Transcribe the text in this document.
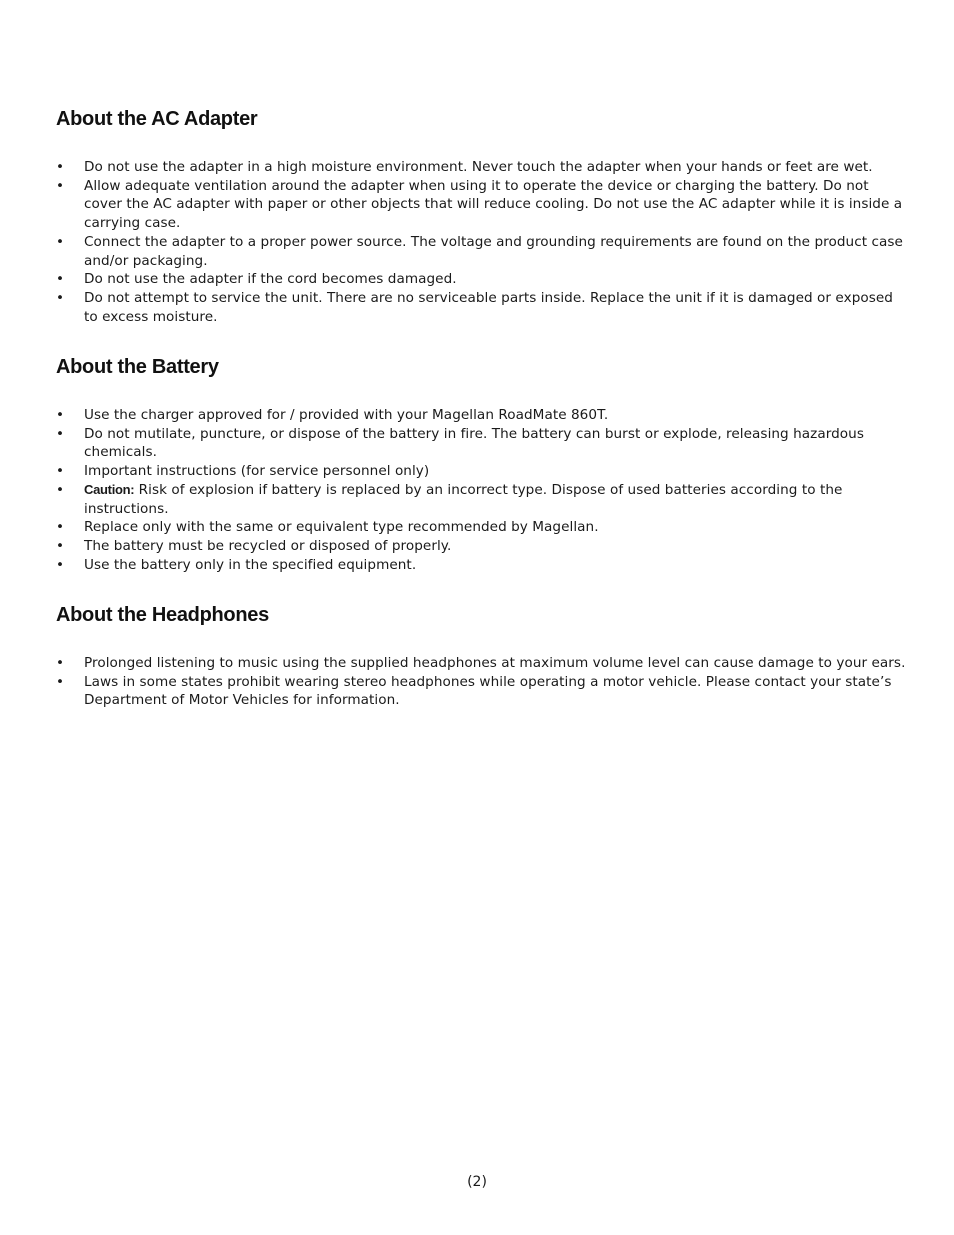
About the AC Adapter
• Do not use the adapter in a high moisture environment. Never touch the adapter when your hands or feet are wet.
• Allow adequate ventilation around the adapter when using it to operate the device or charging the battery. Do not cover the AC adapter with paper or other objects that will reduce cooling. Do not use the AC adapter while it is inside a carrying case.
• Connect the adapter to a proper power source. The voltage and grounding requirements are found on the product case and/or packaging.
• Do not use the adapter if the cord becomes damaged.
• Do not attempt to service the unit. There are no serviceable parts inside. Replace the unit if it is damaged or exposed to excess moisture.
About the Battery
• Use the charger approved for / provided with your Magellan RoadMate 860T.
• Do not mutilate, puncture, or dispose of the battery in fire. The battery can burst or explode, releasing hazardous chemicals.
• Important instructions (for service personnel only)
•	Caution: Risk of explosion if battery is replaced by an incorrect type. Dispose of used batteries according to the instructions.
• Replace only with the same or equivalent type recommended by Magellan.
• The battery must be recycled or disposed of properly.
• Use the battery only in the specified equipment.
About the Headphones
• Prolonged listening to music using the supplied headphones at maximum volume level can cause damage to your ears.
• Laws in some states prohibit wearing stereo headphones while operating a motor vehicle. Please contact your state’s Department of Motor Vehicles for information.
(2)
